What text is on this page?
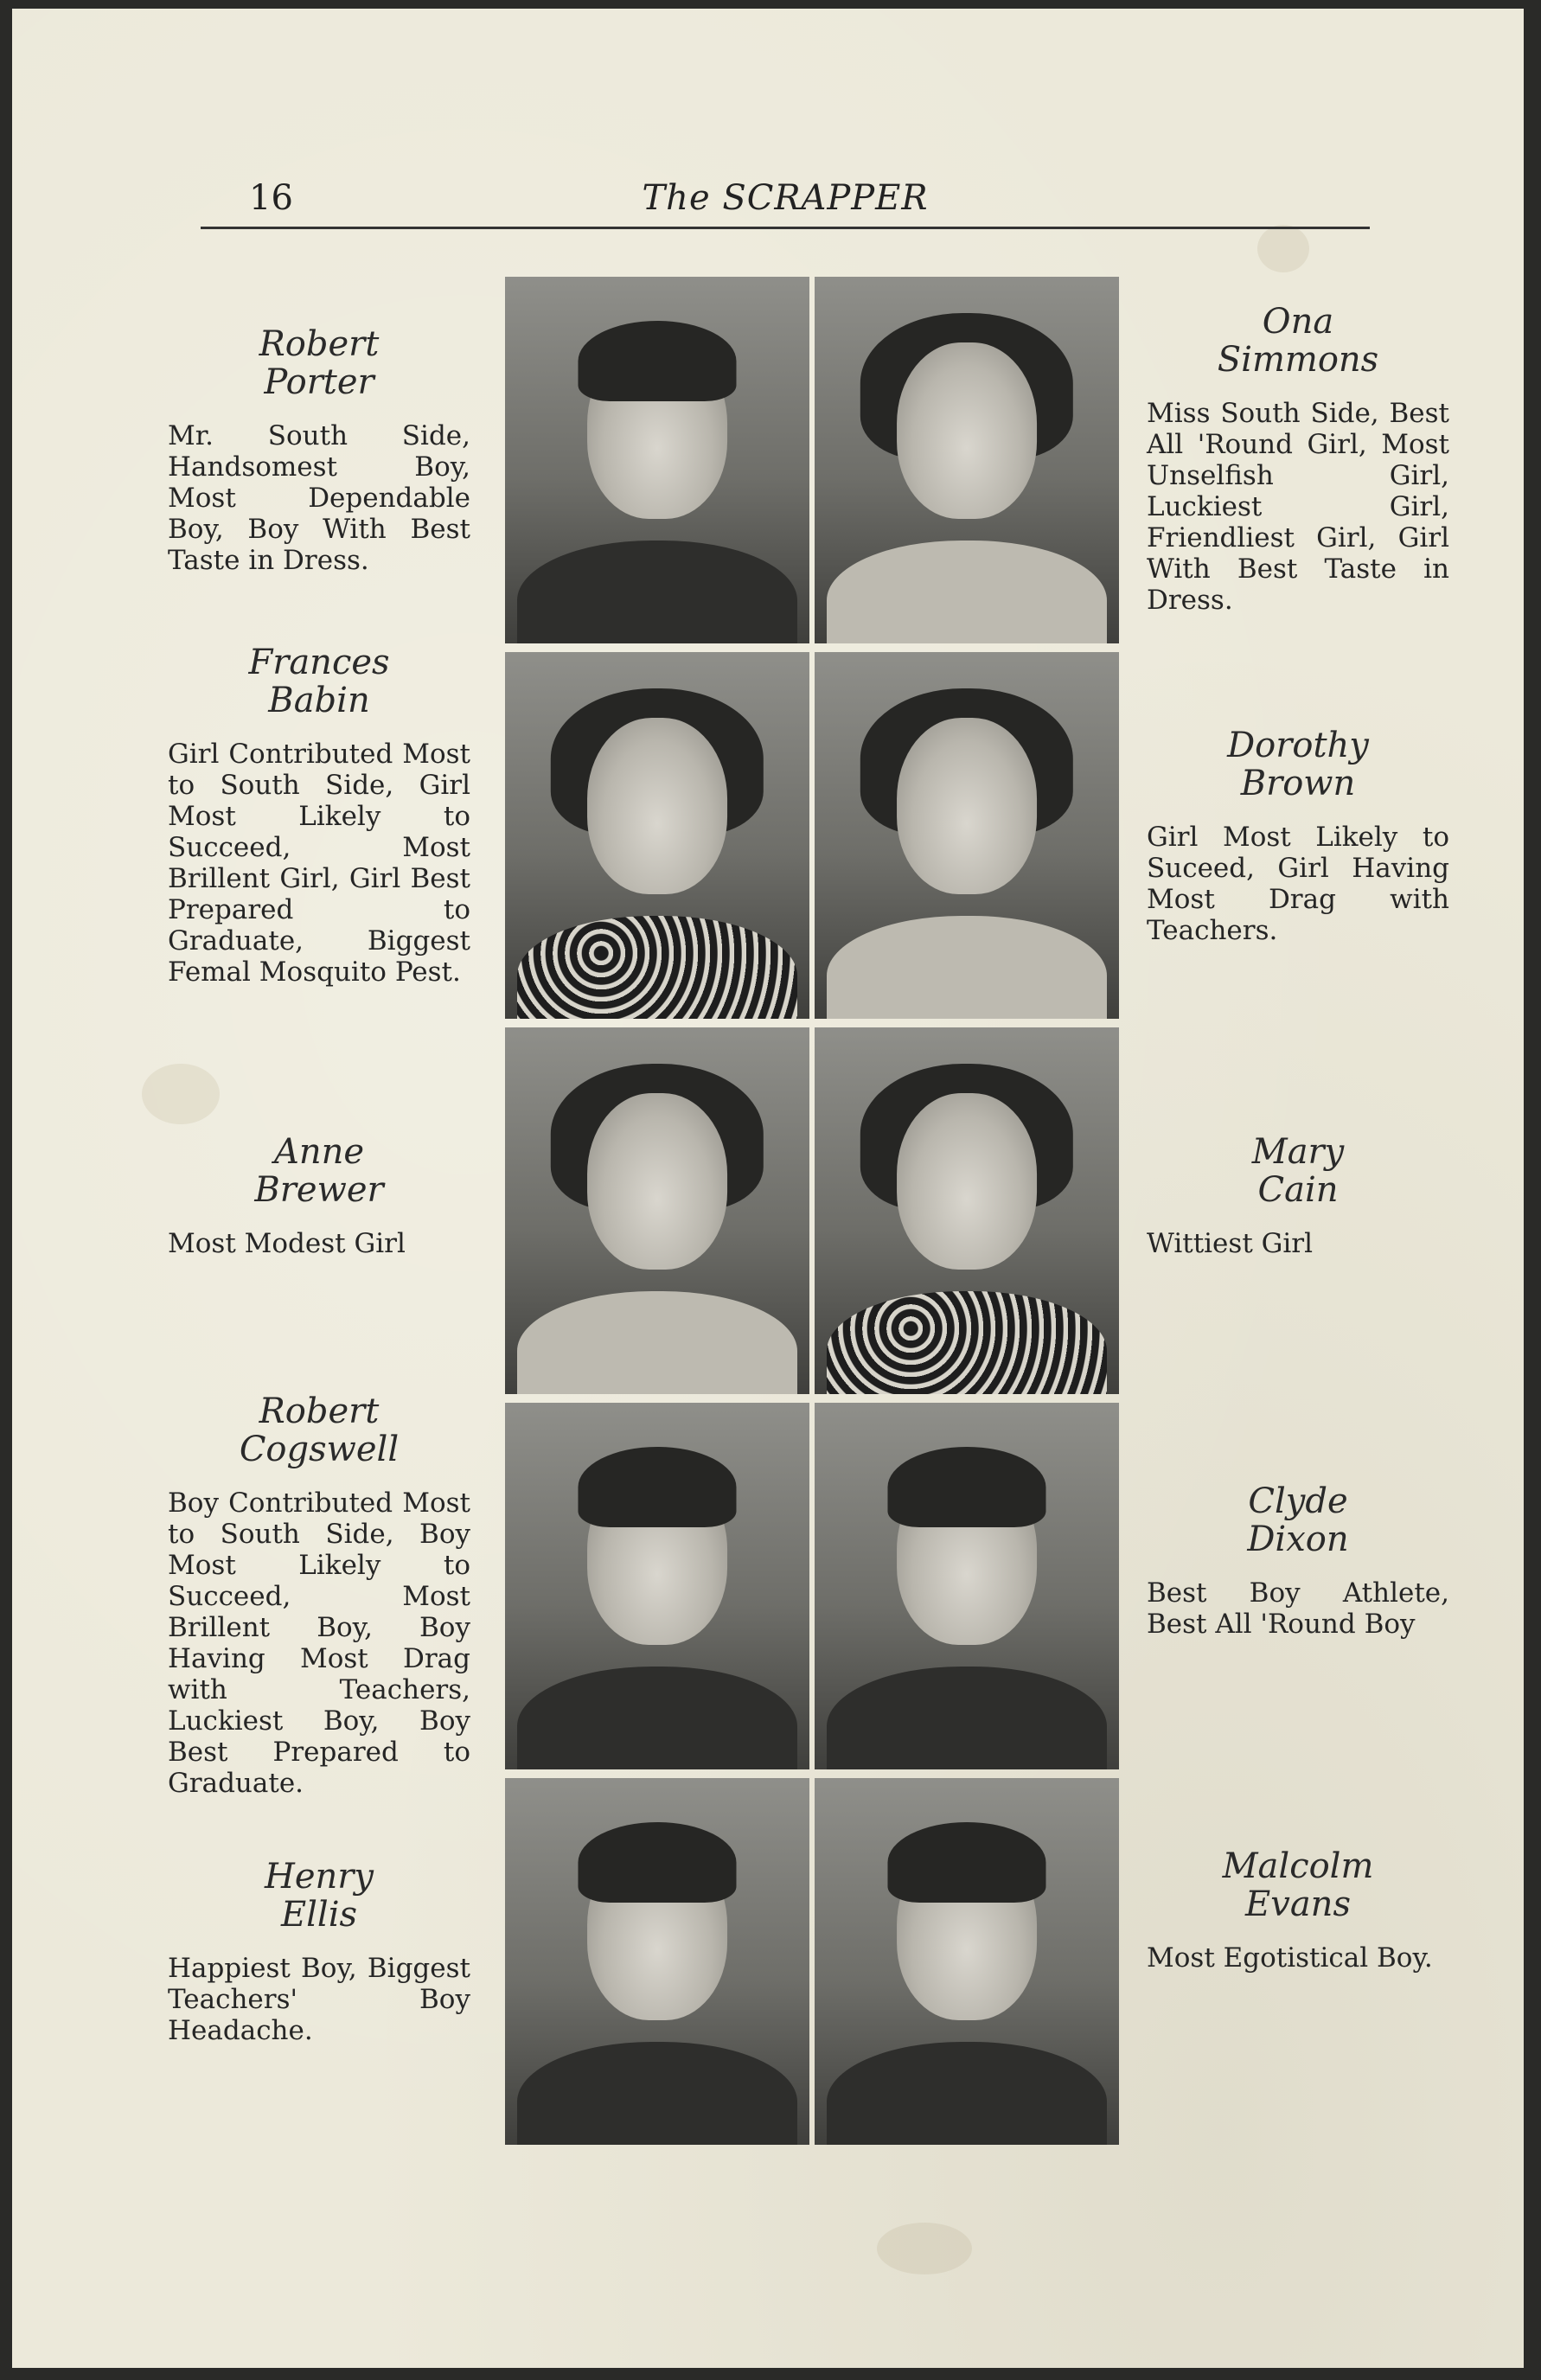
16	The SCRAPPER
Robert
Porter
Mr. South Side, Handsomest Boy, Most Dependable Boy, Boy With Best Taste in Dress.
Frances
Babin
Girl Contributed Most to South Side, Girl Most Likely to Succeed, Most Brillent Girl, Girl Best Prepared to Graduate, Biggest Femal Mosquito Pest.
Anne
Brewer
Most Modest Girl
Robert
Cogswell
Boy Contributed Most to South Side, Boy Most Likely to Succeed, Most Brillent Boy, Boy Having Most Drag with Teachers, Luckiest Boy, Boy Best Prepared to Graduate.
Henry
Ellis
Happiest Boy, Biggest Teachers' Boy Headache.
Ona
Simmons
Miss South Side, Best All 'Round Girl, Most Unselfish Girl, Luckiest Girl, Friendliest Girl, Girl With Best Taste in Dress.
Dorothy
Brown
Girl Most Likely to Suceed, Girl Having Most Drag with Teachers.
Mary
Cain
Wittiest Girl
Clyde
Dixon
Best Boy Athlete, Best All 'Round Boy
Malcolm
Evans
Most Egotistical Boy.
